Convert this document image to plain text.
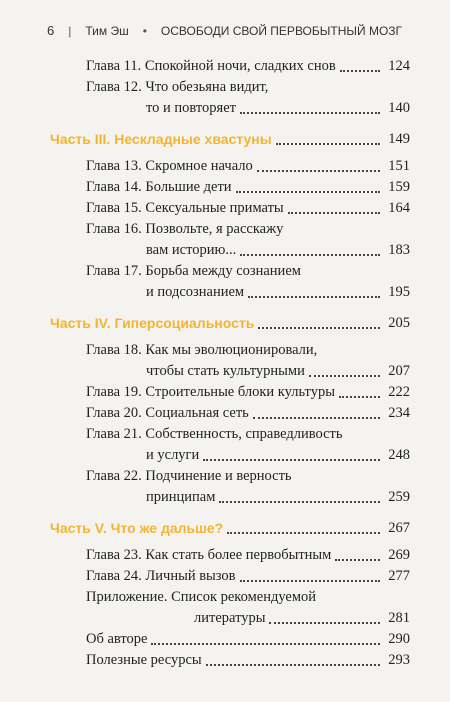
6 | Тим Эш • ОСВОБОДИ СВОЙ ПЕРВОБЫТНЫЙ МОЗГ
Глава 11. Спокойной ночи, сладких снов	124
Глава 12. Что обезьяна видит,
то и повторяет	140
Часть III. Нескладные хвастуны	149
Глава 13. Скромное начало	151
Глава 14. Большие дети	159
Глава 15. Сексуальные приматы	164
Глава 16. Позвольте, я расскажу
вам историю...	183
Глава 17. Борьба между сознанием
и подсознанием	195
Часть IV. Гиперсоциальность	205
Глава 18. Как мы эволюционировали,
чтобы стать культурными	207
Глава 19. Строительные блоки культуры	222
Глава 20. Социальная сеть	234
Глава 21. Собственность, справедливость
и услуги	248
Глава 22. Подчинение и верность
принципам	259
Часть V. Что же дальше?	267
Глава 23. Как стать более первобытным	269
Глава 24. Личный вызов	277
Приложение. Список рекомендуемой
литературы	281
Об авторе	290
Полезные ресурсы	293
